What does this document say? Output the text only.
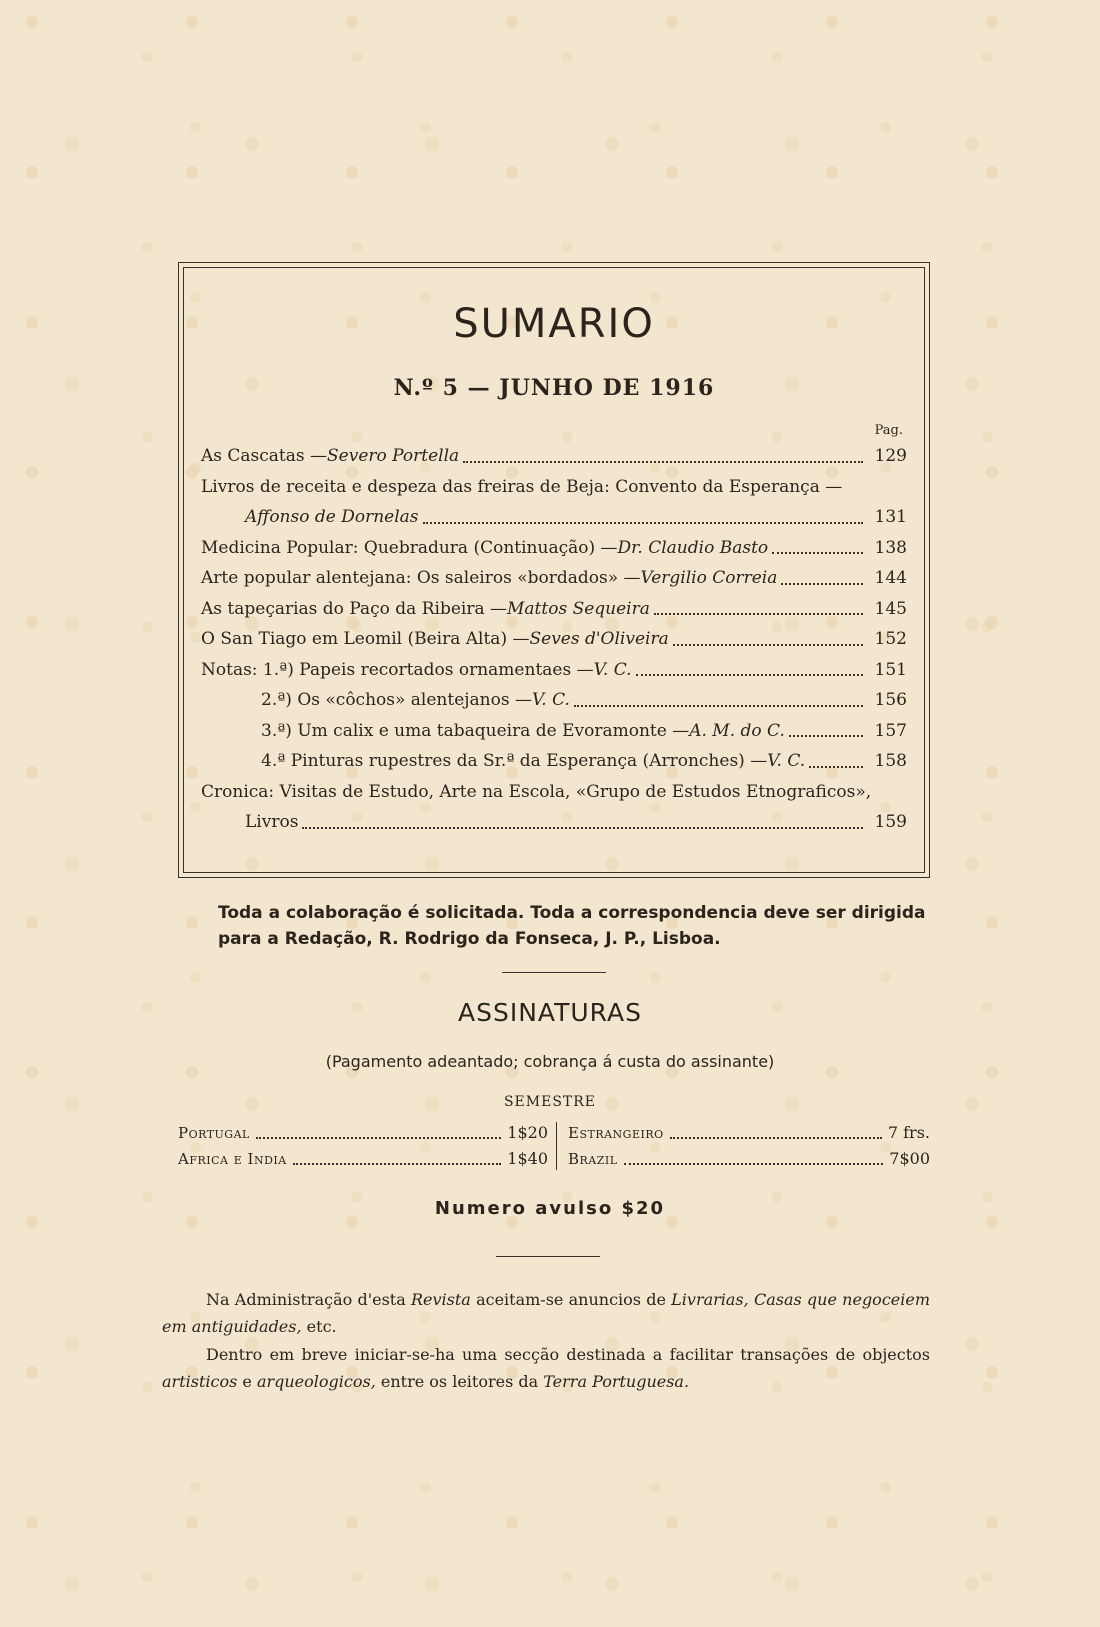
SUMARIO
N.º 5 — JUNHO DE 1916
Pag.
As Cascatas — Severo Portella	129
Livros de receita e despeza das freiras de Beja: Convento da Esperança —
Affonso de Dornelas	131
Medicina Popular: Quebradura (Continuação) — Dr. Claudio Basto	138
Arte popular alentejana: Os saleiros «bordados» — Vergilio Correia	144
As tapeçarias do Paço da Ribeira — Mattos Sequeira	145
O San Tiago em Leomil (Beira Alta) — Seves d'Oliveira	152
Notas: 1.ª) Papeis recortados ornamentaes — V. C.	151
2.ª) Os «côchos» alentejanos — V. C.	156
3.ª) Um calix e uma tabaqueira de Evoramonte — A. M. do C.	157
4.ª Pinturas rupestres da Sr.ª da Esperança (Arronches) — V. C.	158
Cronica: Visitas de Estudo, Arte na Escola, «Grupo de Estudos Etnograficos»,
Livros	159
Toda a colaboração é solicitada. Toda a correspondencia deve ser dirigida
para a Redação, R. Rodrigo da Fonseca, J. P., Lisboa.
ASSINATURAS
(Pagamento adeantado; cobrança á custa do assinante)
SEMESTRE
Portugal	1$20
Africa e India	1$40
Estrangeiro	7 frs.
Brazil	7$00
Numero avulso $20
Na Administração d'esta Revista aceitam-se anuncios de Livrarias, Casas que negoceiem em antiguidades, etc.
Dentro em breve iniciar-se-ha uma secção destinada a facilitar transações de objectos artisticos e arqueologicos, entre os leitores da Terra Portuguesa.
